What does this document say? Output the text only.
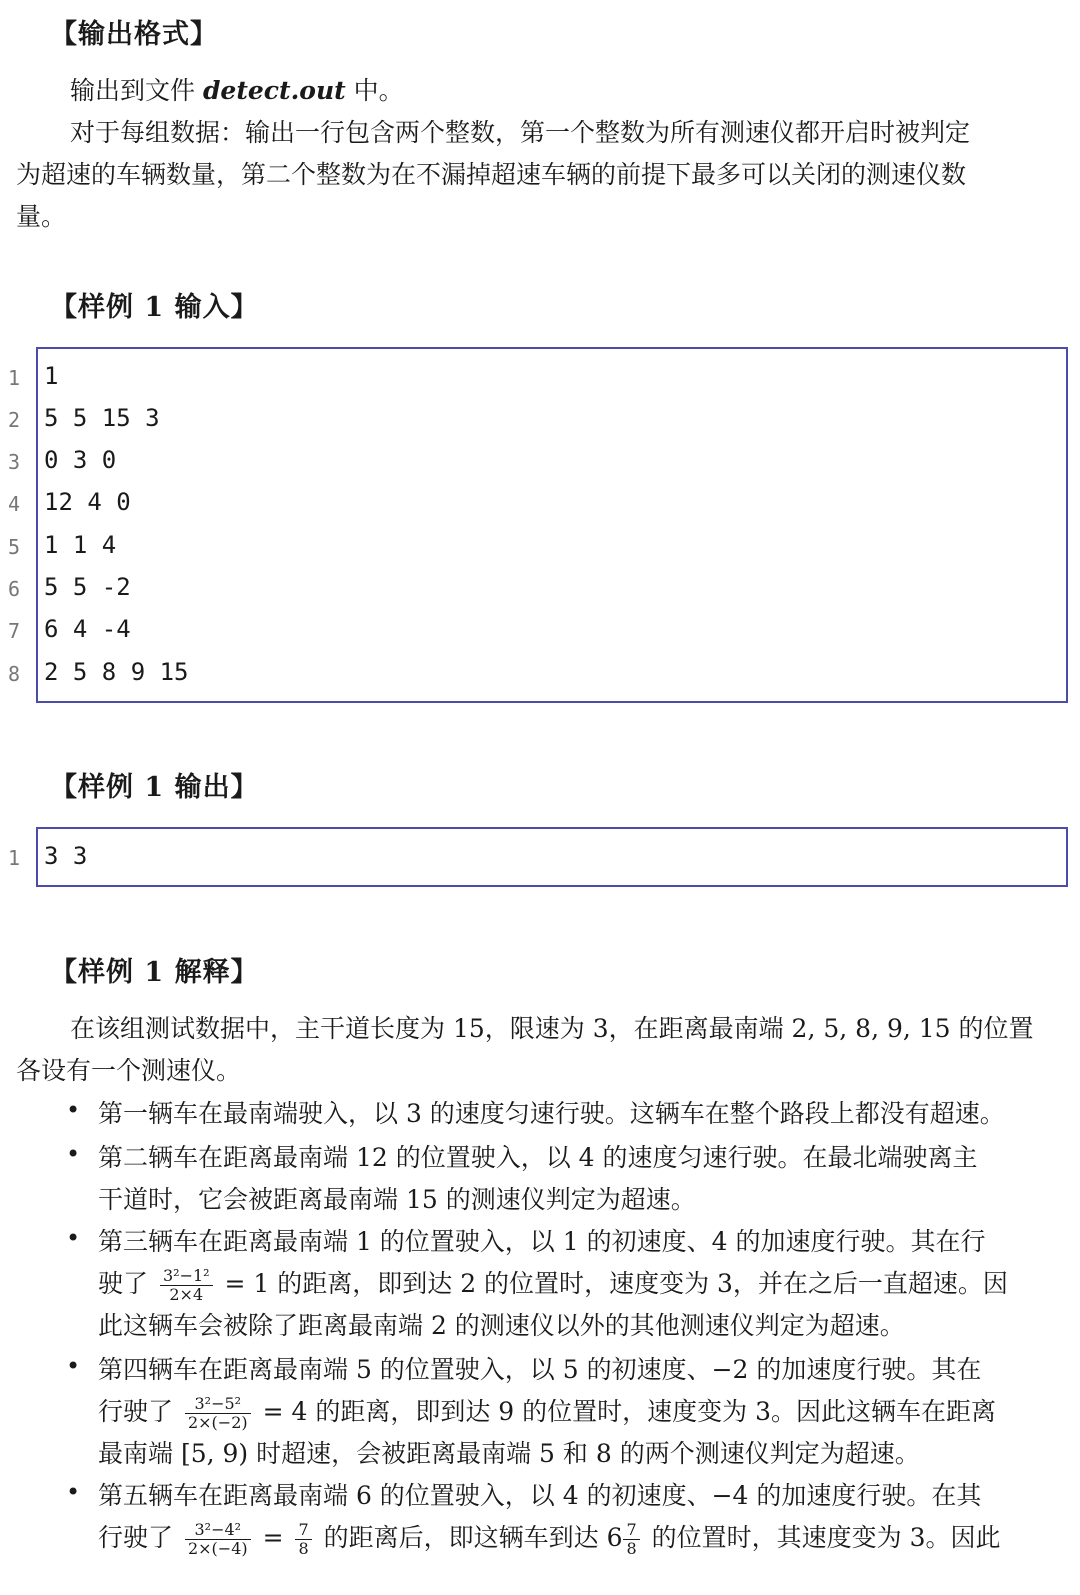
【输出格式】
输出到文件 detect.out 中。
对于每组数据：输出一行包含两个整数，第一个整数为所有测速仪都开启时被判定
为超速的车辆数量，第二个整数为在不漏掉超速车辆的前提下最多可以关闭的测速仪数
量。
【样例 1 输入】
1 1
2 5 5 15 3
3 0 3 0
4 12 4 0
5 1 1 4
6 5 5 -2
7 6 4 -4
8 2 5 8 9 15
【样例 1 输出】
1 3 3
【样例 1 解释】
在该组测试数据中，主干道长度为 15，限速为 3，在距离最南端 2, 5, 8, 9, 15 的位置
各设有一个测速仪。
• 第一辆车在最南端驶入，以 3 的速度匀速行驶。这辆车在整个路段上都没有超速。
• 第二辆车在距离最南端 12 的位置驶入，以 4 的速度匀速行驶。在最北端驶离主
干道时，它会被距离最南端 15 的测速仪判定为超速。
• 第三辆车在距离最南端 1 的位置驶入，以 1 的初速度、4 的加速度行驶。其在行
驶了 $\frac{\text{3²−1²}}{2\times 4} = 1$ 的距离，即到达 2 的位置时，速度变为 3，并在之后一直超速。因
此这辆车会被除了距离最南端 2 的测速仪以外的其他测速仪判定为超速。
• 第四辆车在距离最南端 5 的位置驶入，以 5 的初速度、−2 的加速度行驶。其在
行驶了 $\frac{\text{3²−5²}}{2\times(-2)} = 4$ 的距离，即到达 9 的位置时，速度变为 3。因此这辆车在距离
最南端 [5, 9) 时超速，会被距离最南端 5 和 8 的两个测速仪判定为超速。
• 第五辆车在距离最南端 6 的位置驶入，以 4 的初速度、−4 的加速度行驶。在其
行驶了 $\frac{\text{3²−4²}}{2\times(-4)} = \frac{7}{8}$ 的距离后，即这辆车到达 $6 \frac{7}{8}$ 的位置时，其速度变为 3。因此
